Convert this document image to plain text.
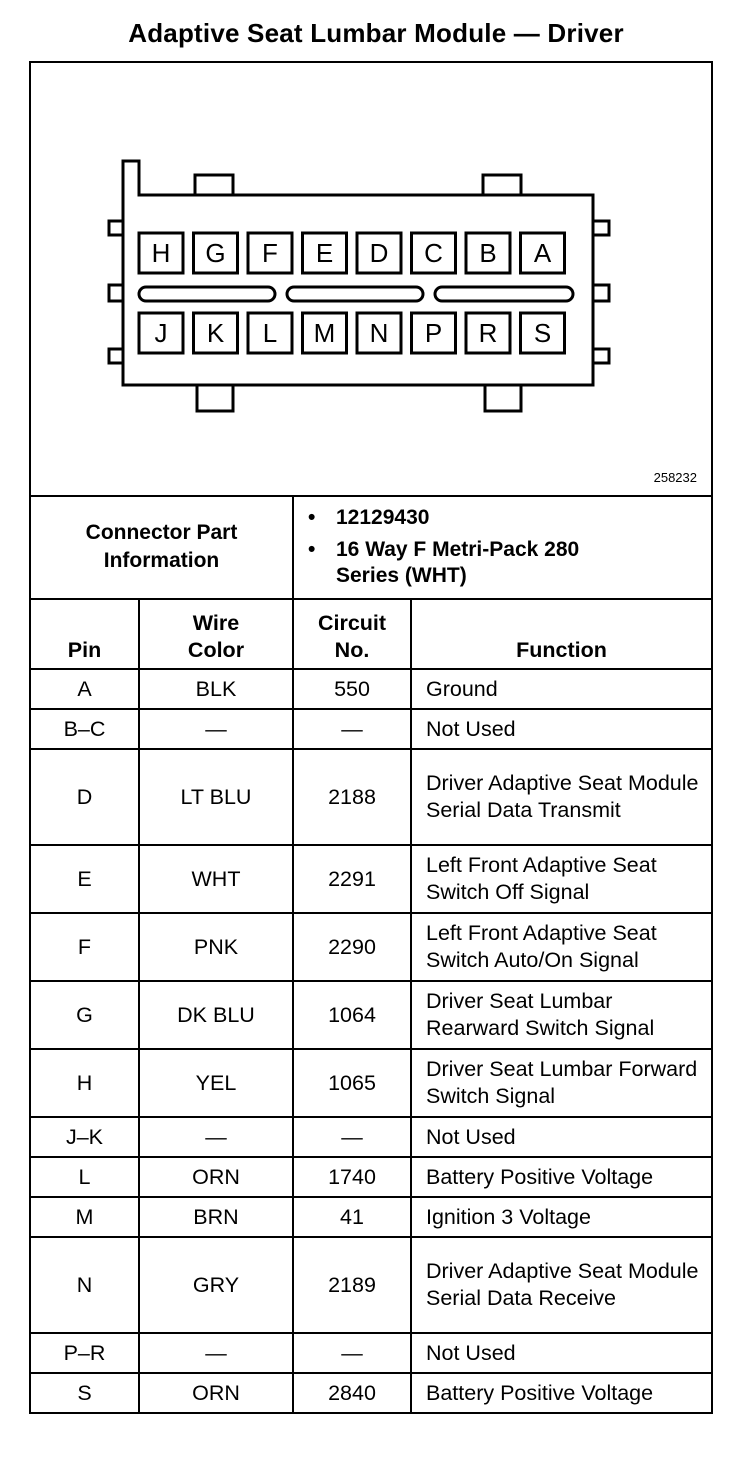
Adaptive Seat Lumbar Module — Driver
H G F E D C B A
J K L M N P R S
258232
Connector Part Information	
• 12129430
• 16 Way F Metri-Pack 280 Series (WHT)
Pin	Wire Color	Circuit No.	Function
A	BLK	550	Ground
B–C	—	—	Not Used
D	LT BLU	2188	Driver Adaptive Seat Module Serial Data Transmit
E	WHT	2291	Left Front Adaptive Seat Switch Off Signal
F	PNK	2290	Left Front Adaptive Seat Switch Auto/On Signal
G	DK BLU	1064	Driver Seat Lumbar Rearward Switch Signal
H	YEL	1065	Driver Seat Lumbar Forward Switch Signal
J–K	—	—	Not Used
L	ORN	1740	Battery Positive Voltage
M	BRN	41	Ignition 3 Voltage
N	GRY	2189	Driver Adaptive Seat Module Serial Data Receive
P–R	—	—	Not Used
S	ORN	2840	Battery Positive Voltage
